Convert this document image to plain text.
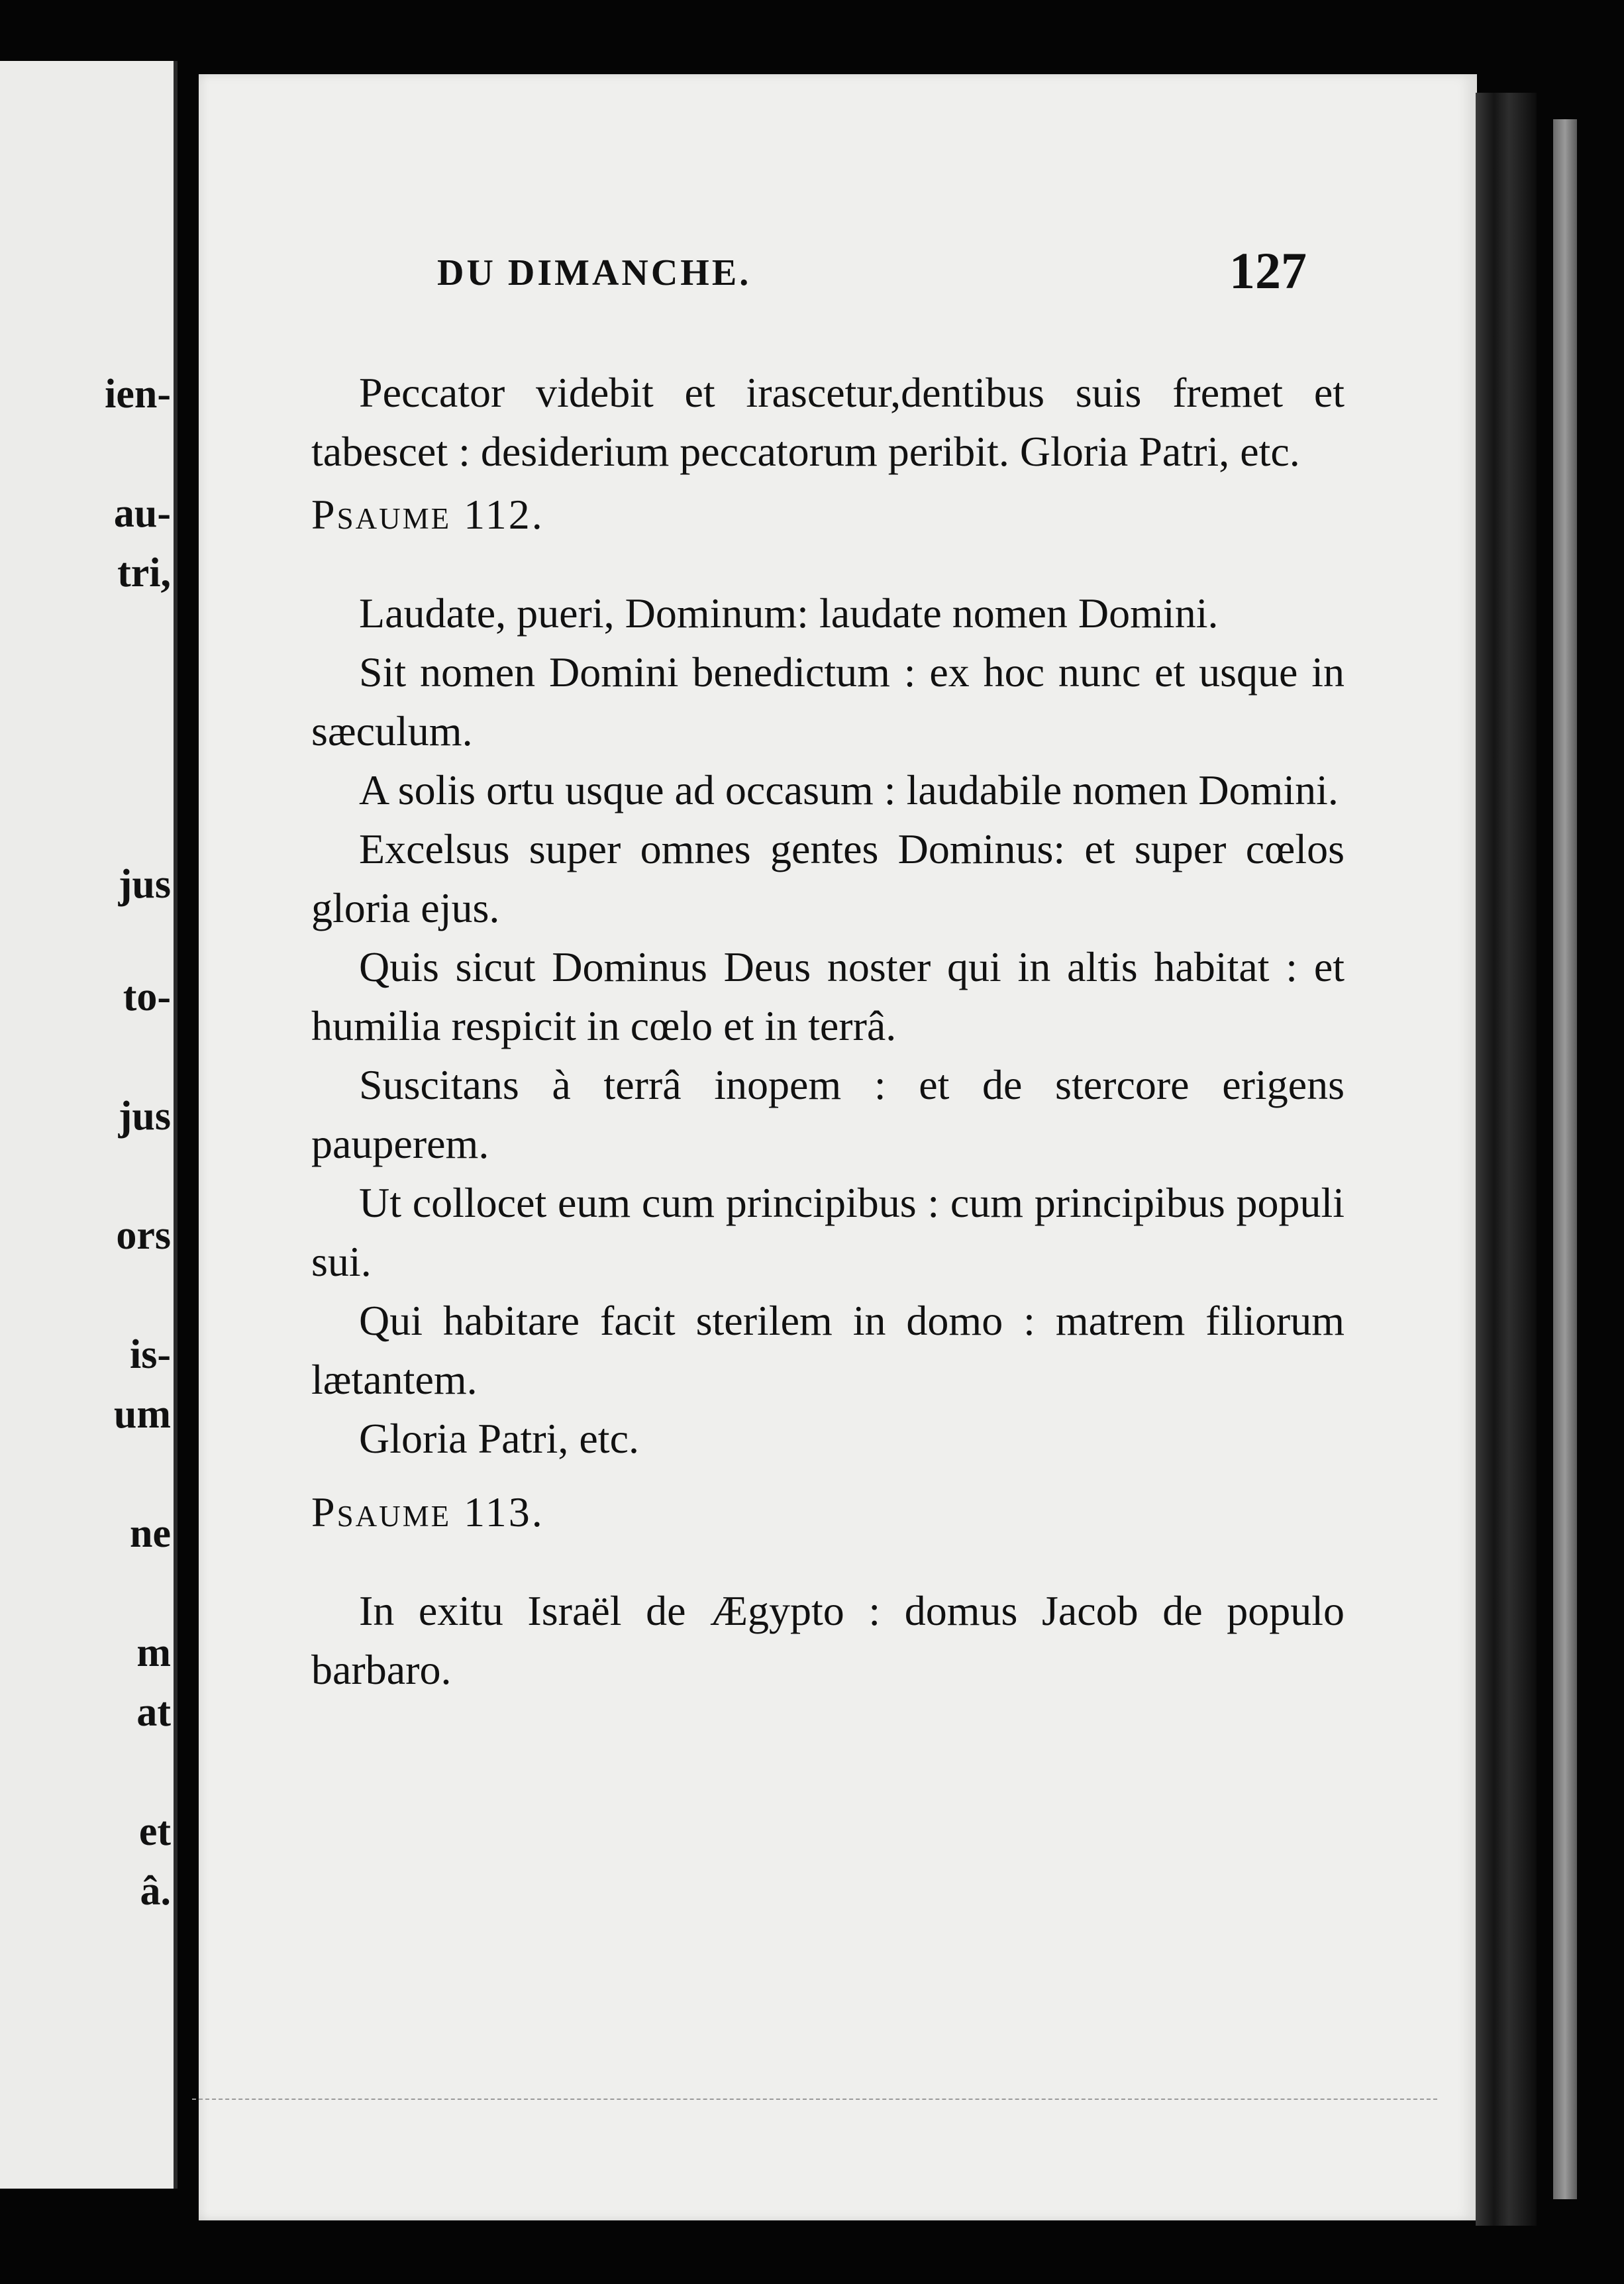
ien-
au-
tri,
jus
to-
jus
ors
is-
um
ne
m
at
et
â.
DU DIMANCHE.	127

Peccator videbit et irascetur,dentibus suis fremet et tabescet : desiderium peccatorum peribit. Gloria Patri, etc.

Psaume 112.

Laudate, pueri, Dominum: laudate nomen Domini.

Sit nomen Domini benedictum : ex hoc nunc et usque in sæculum.

A solis ortu usque ad occasum : laudabile nomen Domini.

Excelsus super omnes gentes Dominus: et super cœlos gloria ejus.

Quis sicut Dominus Deus noster qui in altis habitat : et humilia respicit in cœlo et in terrâ.

Suscitans à terrâ inopem : et de stercore erigens pauperem.

Ut collocet eum cum principibus : cum principibus populi sui.

Qui habitare facit sterilem in domo : matrem filiorum lætantem.

Gloria Patri, etc.

Psaume 113.

In exitu Israël de Ægypto : domus Jacob de populo barbaro.
